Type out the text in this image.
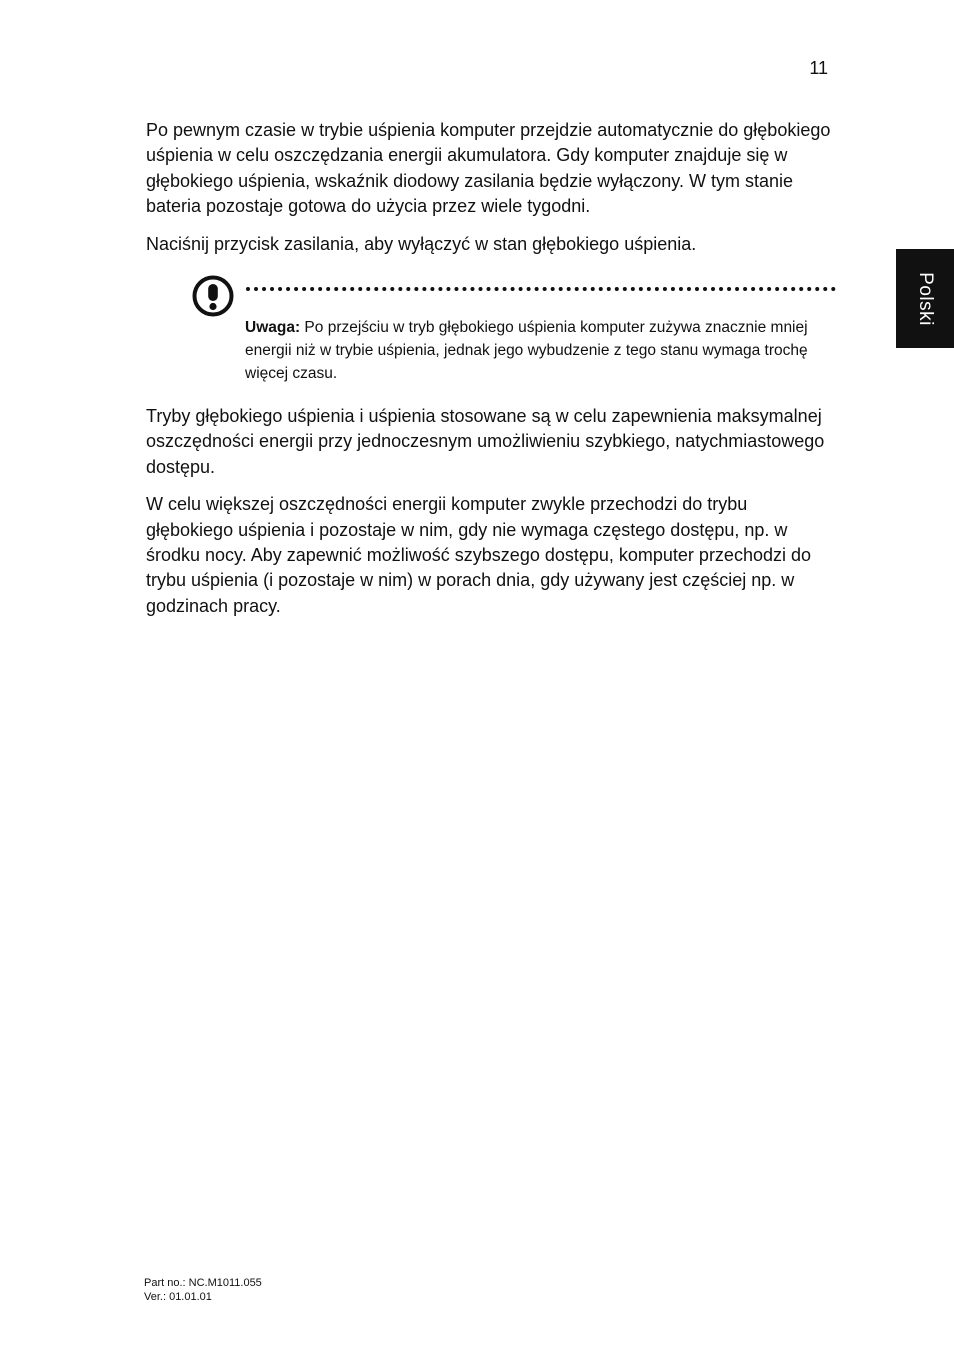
11
Polski

Po pewnym czasie w trybie uśpienia komputer przejdzie automatycznie do głębokiego uśpienia w celu oszczędzania energii akumulatora. Gdy komputer znajduje się w głębokiego uśpienia, wskaźnik diodowy zasilania będzie wyłączony. W tym stanie bateria pozostaje gotowa do użycia przez wiele tygodni.

Naciśnij przycisk zasilania, aby wyłączyć w stan głębokiego uśpienia.

Uwaga: Po przejściu w tryb głębokiego uśpienia komputer zużywa znacznie mniej energii niż w trybie uśpienia, jednak jego wybudzenie z tego stanu wymaga trochę więcej czasu.

Tryby głębokiego uśpienia i uśpienia stosowane są w celu zapewnienia maksymalnej oszczędności energii przy jednoczesnym umożliwieniu szybkiego, natychmiastowego dostępu.

W celu większej oszczędności energii komputer zwykle przechodzi do trybu głębokiego uśpienia i pozostaje w nim, gdy nie wymaga częstego dostępu, np. w środku nocy. Aby zapewnić możliwość szybszego dostępu, komputer przechodzi do trybu uśpienia (i pozostaje w nim) w porach dnia, gdy używany jest częściej np. w godzinach pracy.

Part no.: NC.M1011.055
Ver.: 01.01.01
